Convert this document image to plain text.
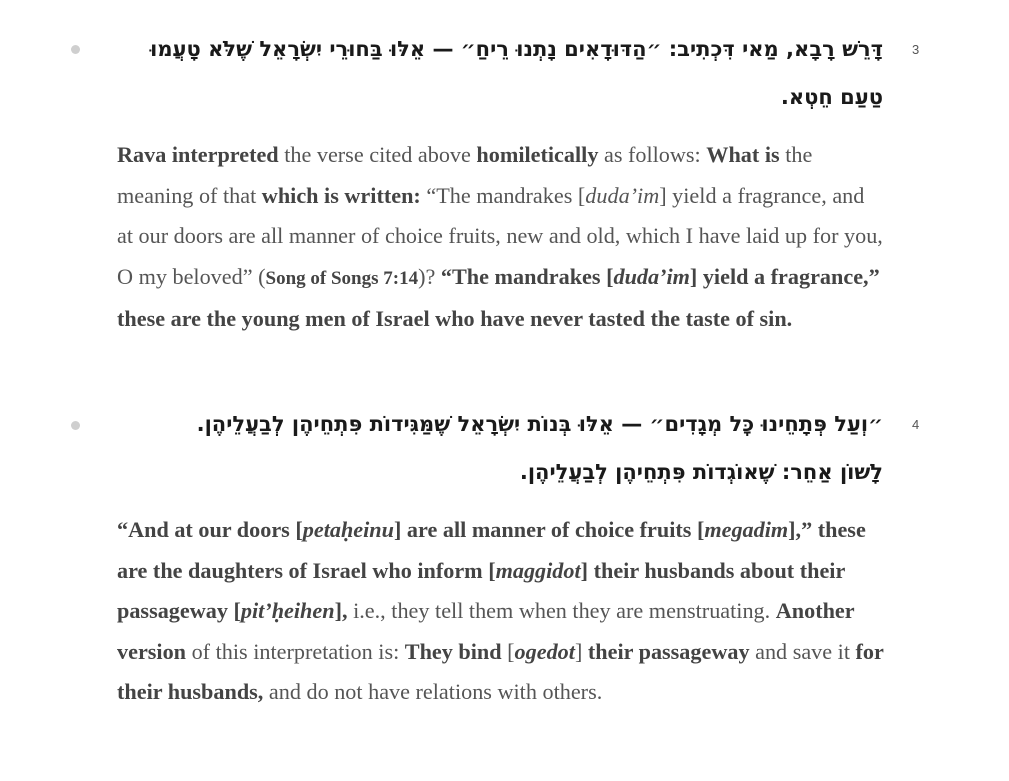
3
דָּרֵשׁ רָבָא, מַאי דִּכְתִיב: ״הַדּוּדָאִים נָתְנוּ רֵיחַ״ — אֵלּוּ בַּחוּרֵי יִשְׂרָאֵל שֶׁלֹּא טָעֲמוּ טַעַם חֵטְא.
Rava interpreted the verse cited above homiletically as follows: What is the meaning of that which is written: “The mandrakes [duda’im] yield a fragrance, and at our doors are all manner of choice fruits, new and old, which I have laid up for you, O my beloved” (Song of Songs 7:14)? “The mandrakes [duda’im] yield a fragrance,” these are the young men of Israel who have never tasted the taste of sin.
4
״וְעַל פְּתָחֵינוּ כׇּל מְגָדִים״ — אֵלּוּ בְּנוֹת יִשְׂרָאֵל שֶׁמַּגִּידוֹת פִּתְחֵיהֶן לְבַעֲלֵיהֶן. לָשׁוֹן אַחֵר: שֶׁאוֹגְדוֹת פִּתְחֵיהֶן לְבַעֲלֵיהֶן.
“And at our doors [petaḥeinu] are all manner of choice fruits [megadim],” these are the daughters of Israel who inform [maggidot] their husbands about their passageway [pit’ḥeihen], i.e., they tell them when they are menstruating. Another version of this interpretation is: They bind [ogedot] their passageway and save it for their husbands, and do not have relations with others.
